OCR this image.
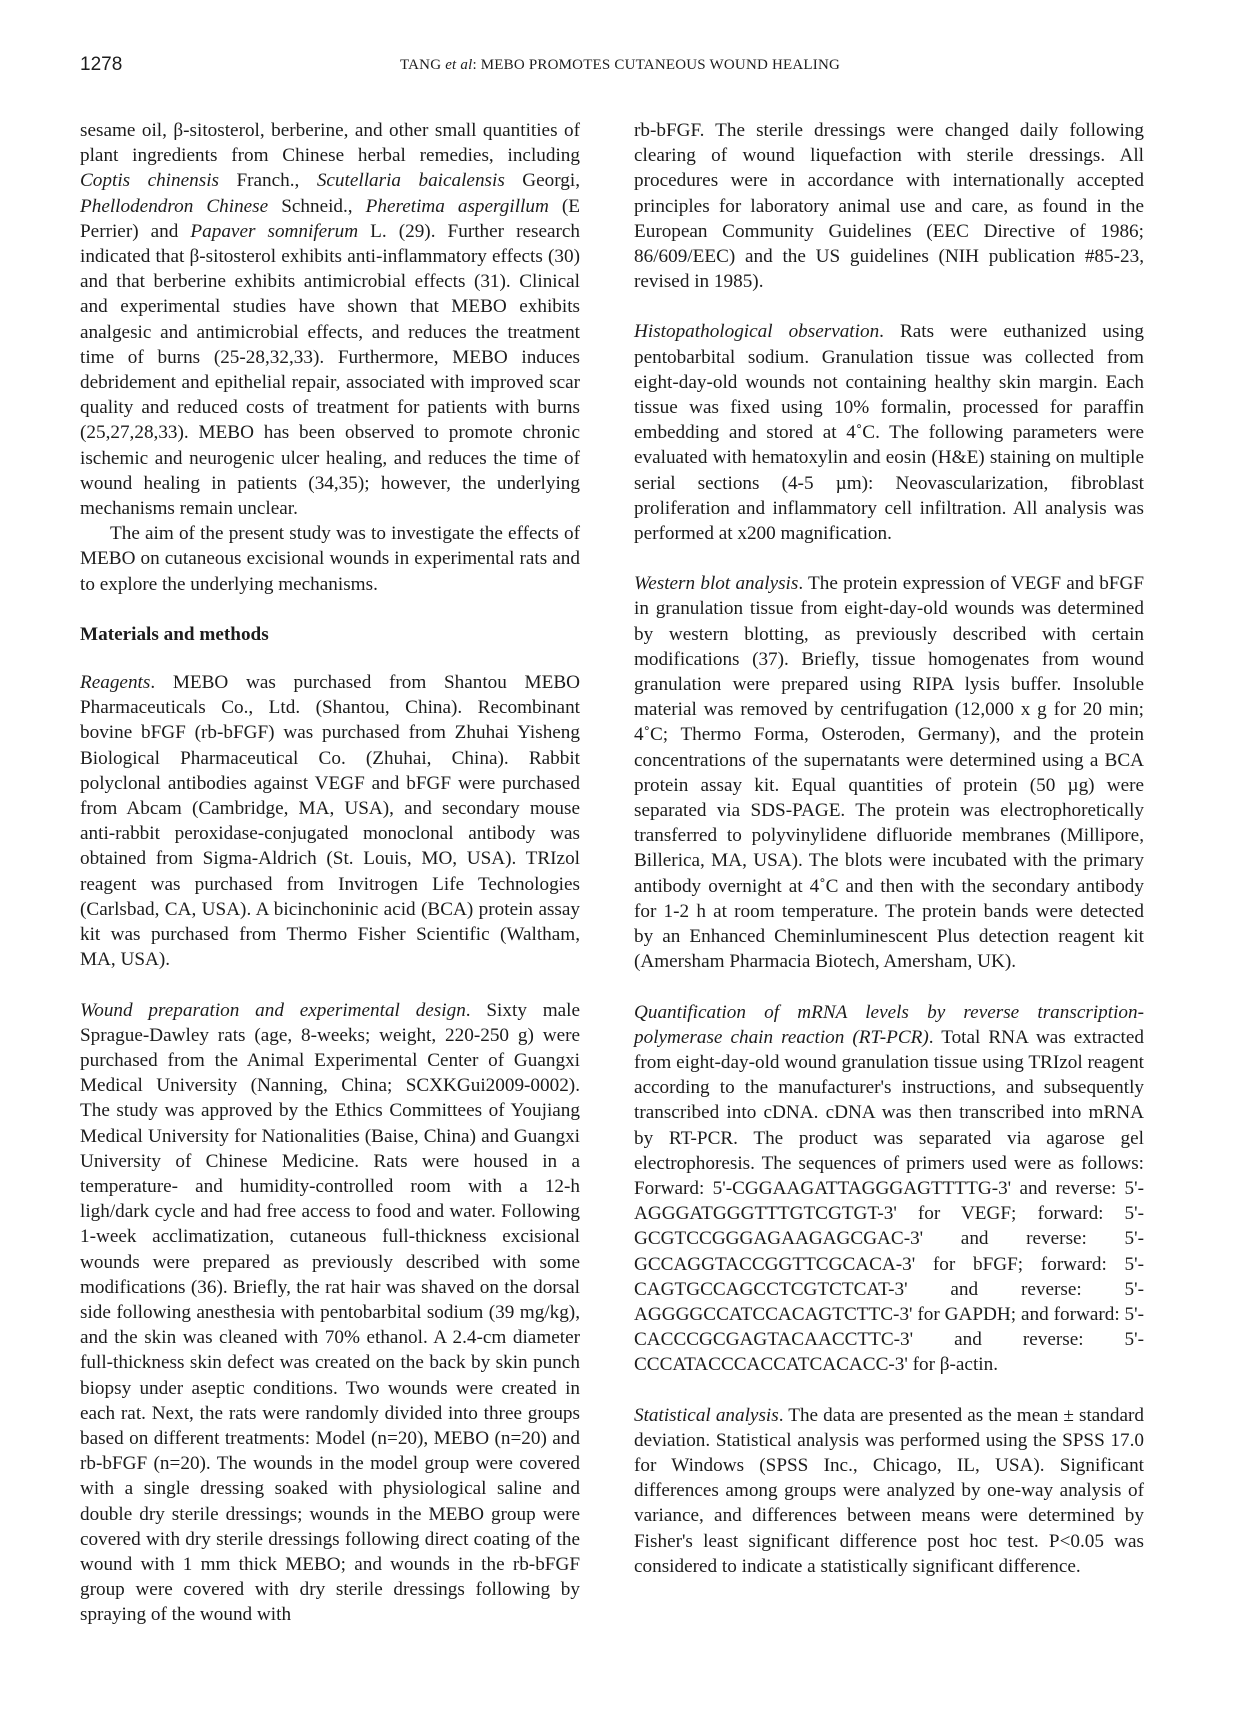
1278	TANG et al: MEBO PROMOTES CUTANEOUS WOUND HEALING

sesame oil, β-sitosterol, berberine, and other small quantities of plant ingredients from Chinese herbal remedies, including Coptis chinensis Franch., Scutellaria baicalensis Georgi, Phellodendron Chinese Schneid., Pheretima aspergillum (E Perrier) and Papaver somniferum L. (29). Further research indicated that β-sitosterol exhibits anti-inflammatory effects (30) and that berberine exhibits antimicrobial effects (31). Clinical and experimental studies have shown that MEBO exhibits analgesic and antimicrobial effects, and reduces the treatment time of burns (25-28,32,33). Furthermore, MEBO induces debridement and epithelial repair, associated with improved scar quality and reduced costs of treatment for patients with burns (25,27,28,33). MEBO has been observed to promote chronic ischemic and neurogenic ulcer healing, and reduces the time of wound healing in patients (34,35); however, the underlying mechanisms remain unclear.

The aim of the present study was to investigate the effects of MEBO on cutaneous excisional wounds in experimental rats and to explore the underlying mechanisms.

Materials and methods

Reagents. MEBO was purchased from Shantou MEBO Pharmaceuticals Co., Ltd. (Shantou, China). Recombinant bovine bFGF (rb-bFGF) was purchased from Zhuhai Yisheng Biological Pharmaceutical Co. (Zhuhai, China). Rabbit polyclonal antibodies against VEGF and bFGF were purchased from Abcam (Cambridge, MA, USA), and secondary mouse anti-rabbit peroxidase-conjugated monoclonal antibody was obtained from Sigma-Aldrich (St. Louis, MO, USA). TRIzol reagent was purchased from Invitrogen Life Technologies (Carlsbad, CA, USA). A bicinchoninic acid (BCA) protein assay kit was purchased from Thermo Fisher Scientific (Waltham, MA, USA).

Wound preparation and experimental design. Sixty male Sprague-Dawley rats (age, 8-weeks; weight, 220-250 g) were purchased from the Animal Experimental Center of Guangxi Medical University (Nanning, China; SCXKGui2009-0002). The study was approved by the Ethics Committees of Youjiang Medical University for Nationalities (Baise, China) and Guangxi University of Chinese Medicine. Rats were housed in a temperature- and humidity-controlled room with a 12-h ligh/dark cycle and had free access to food and water. Following 1-week acclimatization, cutaneous full-thickness excisional wounds were prepared as previously described with some modifications (36). Briefly, the rat hair was shaved on the dorsal side following anesthesia with pentobarbital sodium (39 mg/kg), and the skin was cleaned with 70% ethanol. A 2.4-cm diameter full-thickness skin defect was created on the back by skin punch biopsy under aseptic conditions. Two wounds were created in each rat. Next, the rats were randomly divided into three groups based on different treatments: Model (n=20), MEBO (n=20) and rb-bFGF (n=20). The wounds in the model group were covered with a single dressing soaked with physiological saline and double dry sterile dressings; wounds in the MEBO group were covered with dry sterile dressings following direct coating of the wound with 1 mm thick MEBO; and wounds in the rb-bFGF group were covered with dry sterile dressings following by spraying of the wound with

rb-bFGF. The sterile dressings were changed daily following clearing of wound liquefaction with sterile dressings. All procedures were in accordance with internationally accepted principles for laboratory animal use and care, as found in the European Community Guidelines (EEC Directive of 1986; 86/609/EEC) and the US guidelines (NIH publication #85-23, revised in 1985).

Histopathological observation. Rats were euthanized using pentobarbital sodium. Granulation tissue was collected from eight-day-old wounds not containing healthy skin margin. Each tissue was fixed using 10% formalin, processed for paraffin embedding and stored at 4˚C. The following parameters were evaluated with hematoxylin and eosin (H&E) staining on multiple serial sections (4-5 µm): Neovascularization, fibroblast proliferation and inflammatory cell infiltration. All analysis was performed at x200 magnification.

Western blot analysis. The protein expression of VEGF and bFGF in granulation tissue from eight-day-old wounds was determined by western blotting, as previously described with certain modifications (37). Briefly, tissue homogenates from wound granulation were prepared using RIPA lysis buffer. Insoluble material was removed by centrifugation (12,000 x g for 20 min; 4˚C; Thermo Forma, Osteroden, Germany), and the protein concentrations of the supernatants were determined using a BCA protein assay kit. Equal quantities of protein (50 µg) were separated via SDS-PAGE. The protein was electrophoretically transferred to polyvinylidene difluoride membranes (Millipore, Billerica, MA, USA). The blots were incubated with the primary antibody overnight at 4˚C and then with the secondary antibody for 1-2 h at room temperature. The protein bands were detected by an Enhanced Cheminluminescent Plus detection reagent kit (Amersham Pharmacia Biotech, Amersham, UK).

Quantification of mRNA levels by reverse transcription-polymerase chain reaction (RT-PCR). Total RNA was extracted from eight-day-old wound granulation tissue using TRIzol reagent according to the manufacturer's instructions, and subsequently transcribed into cDNA. cDNA was then transcribed into mRNA by RT-PCR. The product was separated via agarose gel electrophoresis. The sequences of primers used were as follows: Forward: 5'-CGGAAGATTAGGGAGTTTTG-3' and reverse: 5'-AGGGATGGGTTTGTCGTGT-3' for VEGF; forward: 5'-GCGTCCGGGAGAAGAGCGAC-3' and reverse: 5'-GCCAGGTACCGGTTCGCACA-3' for bFGF; forward: 5'-CAGTGCCAGCCTCGTCTCAT-3' and reverse: 5'-AGGGGCCATCCACAGTCTTC-3' for GAPDH; and forward: 5'-CACCCGCGAGTACAACCTTC-3' and reverse: 5'-CCCATACCCACCATCACACC-3' for β-actin.

Statistical analysis. The data are presented as the mean ± standard deviation. Statistical analysis was performed using the SPSS 17.0 for Windows (SPSS Inc., Chicago, IL, USA). Significant differences among groups were analyzed by one-way analysis of variance, and differences between means were determined by Fisher's least significant difference post hoc test. P<0.05 was considered to indicate a statistically significant difference.
